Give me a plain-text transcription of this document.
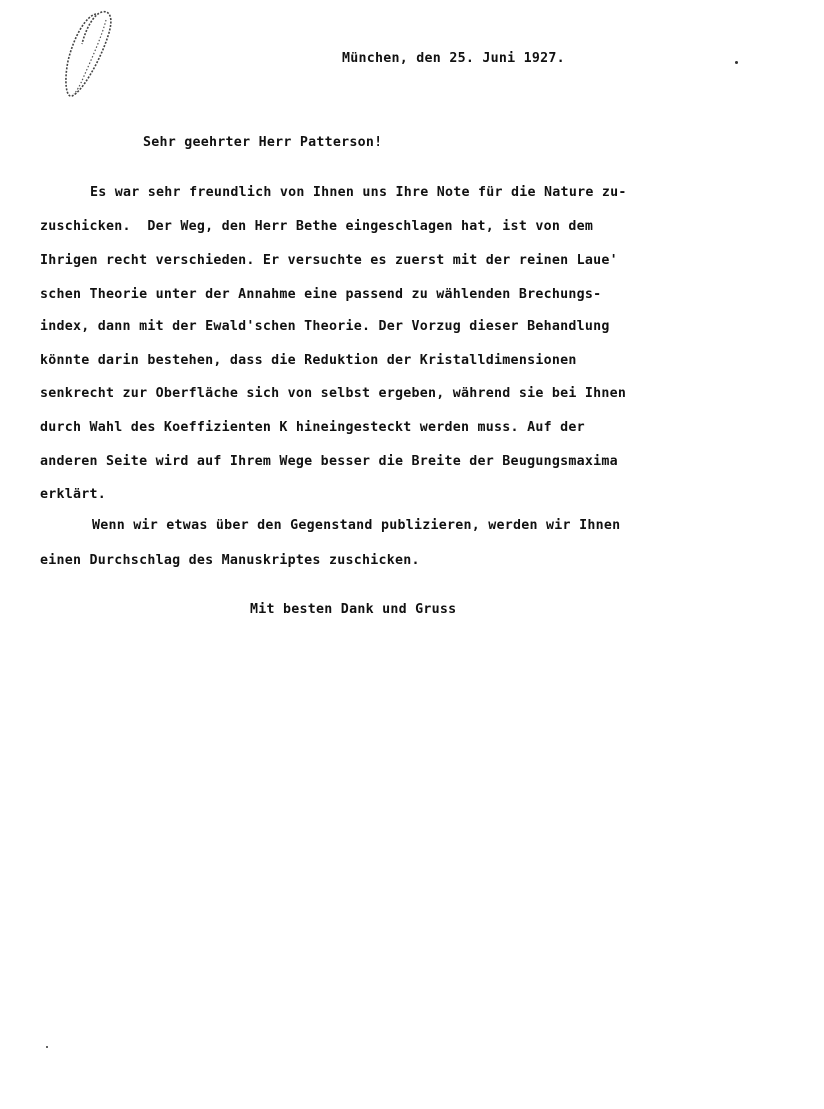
München, den 25. Juni 1927.
Sehr geehrter Herr Patterson!
Es war sehr freundlich von Ihnen uns Ihre Note für die Nature zu-
zuschicken.  Der Weg, den Herr Bethe eingeschlagen hat, ist von dem
Ihrigen recht verschieden. Er versuchte es zuerst mit der reinen Laue'
schen Theorie unter der Annahme eine passend zu wählenden Brechungs-
index, dann mit der Ewald'schen Theorie. Der Vorzug dieser Behandlung
könnte darin bestehen, dass die Reduktion der Kristalldimensionen
senkrecht zur Oberfläche sich von selbst ergeben, während sie bei Ihnen
durch Wahl des Koeffizienten K hineingesteckt werden muss. Auf der
anderen Seite wird auf Ihrem Wege besser die Breite der Beugungsmaxima
erklärt.
Wenn wir etwas über den Gegenstand publizieren, werden wir Ihnen
einen Durchschlag des Manuskriptes zuschicken.
Mit besten Dank und Gruss
